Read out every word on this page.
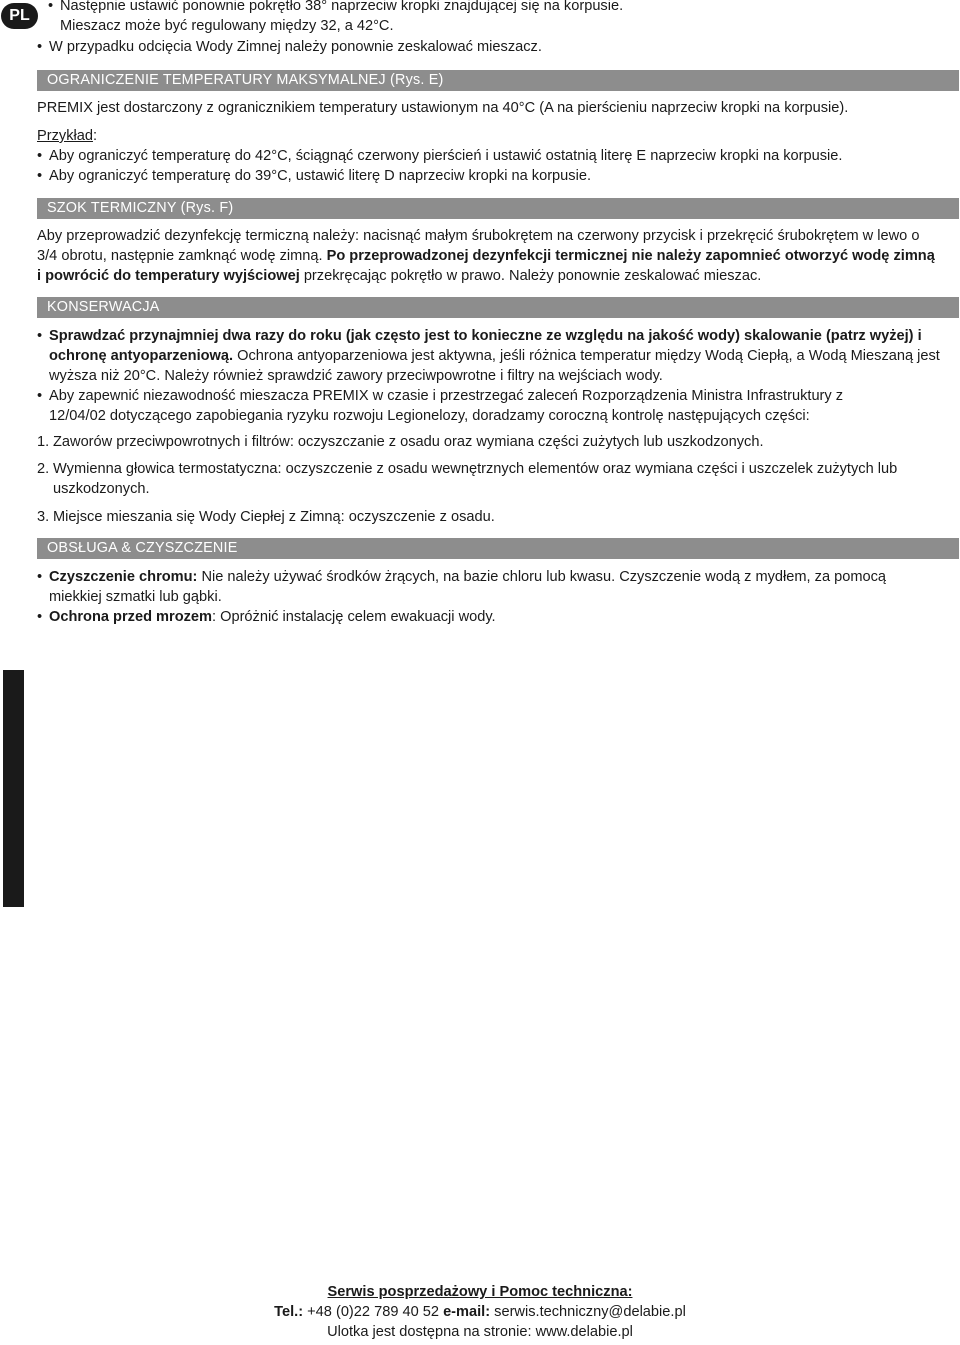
PL

• Następnie ustawić ponownie pokrętło 38° naprzeciw kropki znajdującej się na korpusie.
Mieszacz może być regulowany między 32, a 42°C.

• W przypadku odcięcia Wody Zimnej należy ponownie zeskalować mieszacz.

OGRANICZENIE TEMPERATURY MAKSYMALNEJ (Rys. E)

PREMIX jest dostarczony z ogranicznikiem temperatury ustawionym na 40°C (A na pierścieniu naprzeciw kropki na korpusie).

Przykład:

• Aby ograniczyć temperaturę do 42°C, ściągnąć czerwony pierścień i ustawić ostatnią literę E naprzeciw kropki na korpusie.

• Aby ograniczyć temperaturę do 39°C, ustawić literę D naprzeciw kropki na korpusie.

SZOK TERMICZNY (Rys. F)

Aby przeprowadzić dezynfekcję termiczną należy: nacisnąć małym śrubokrętem na czerwony przycisk i przekręcić śrubokrętem w lewo o 3/4 obrotu, następnie zamknąć wodę zimną. Po przeprowadzonej dezynfekcji termicznej nie należy zapomnieć otworzyć wodę zimną i powrócić do temperatury wyjściowej przekręcając pokrętło w prawo. Należy ponownie zeskalować mieszac.

KONSERWACJA

• Sprawdzać przynajmniej dwa razy do roku (jak często jest to konieczne ze względu na jakość wody) skalowanie (patrz wyżej) i ochronę antyoparzeniową. Ochrona antyoparzeniowa jest aktywna, jeśli różnica temperatur między Wodą Ciepłą, a Wodą Mieszaną jest wyższa niż 20°C. Należy również sprawdzić zawory przeciwpowrotne i filtry na wejściach wody.

• Aby zapewnić niezawodność mieszacza PREMIX w czasie i przestrzegać zaleceń Rozporządzenia Ministra Infrastruktury z 12/04/02 dotyczącego zapobiegania ryzyku rozwoju Legionelozy, doradzamy coroczną kontrolę następujących części:

1. Zaworów przeciwpowrotnych i filtrów: oczyszczanie z osadu oraz wymiana części zużytych lub uszkodzonych.

2. Wymienna głowica termostatyczna: oczyszczenie z osadu wewnętrznych elementów oraz wymiana części i uszczelek zużytych lub uszkodzonych.

3. Miejsce mieszania się Wody Ciepłej z Zimną: oczyszczenie z osadu.

OBSŁUGA & CZYSZCZENIE

• Czyszczenie chromu: Nie należy używać środków żrących, na bazie chloru lub kwasu. Czyszczenie wodą z mydłem, za pomocą miekkiej szmatki lub gąbki.

• Ochrona przed mrozem: Opróżnić instalację celem ewakuacji wody.

Serwis posprzedażowy i Pomoc techniczna:

Tel.: +48 (0)22 789 40 52 e-mail: serwis.techniczny@delabie.pl

Ulotka jest dostępna na stronie: www.delabie.pl
